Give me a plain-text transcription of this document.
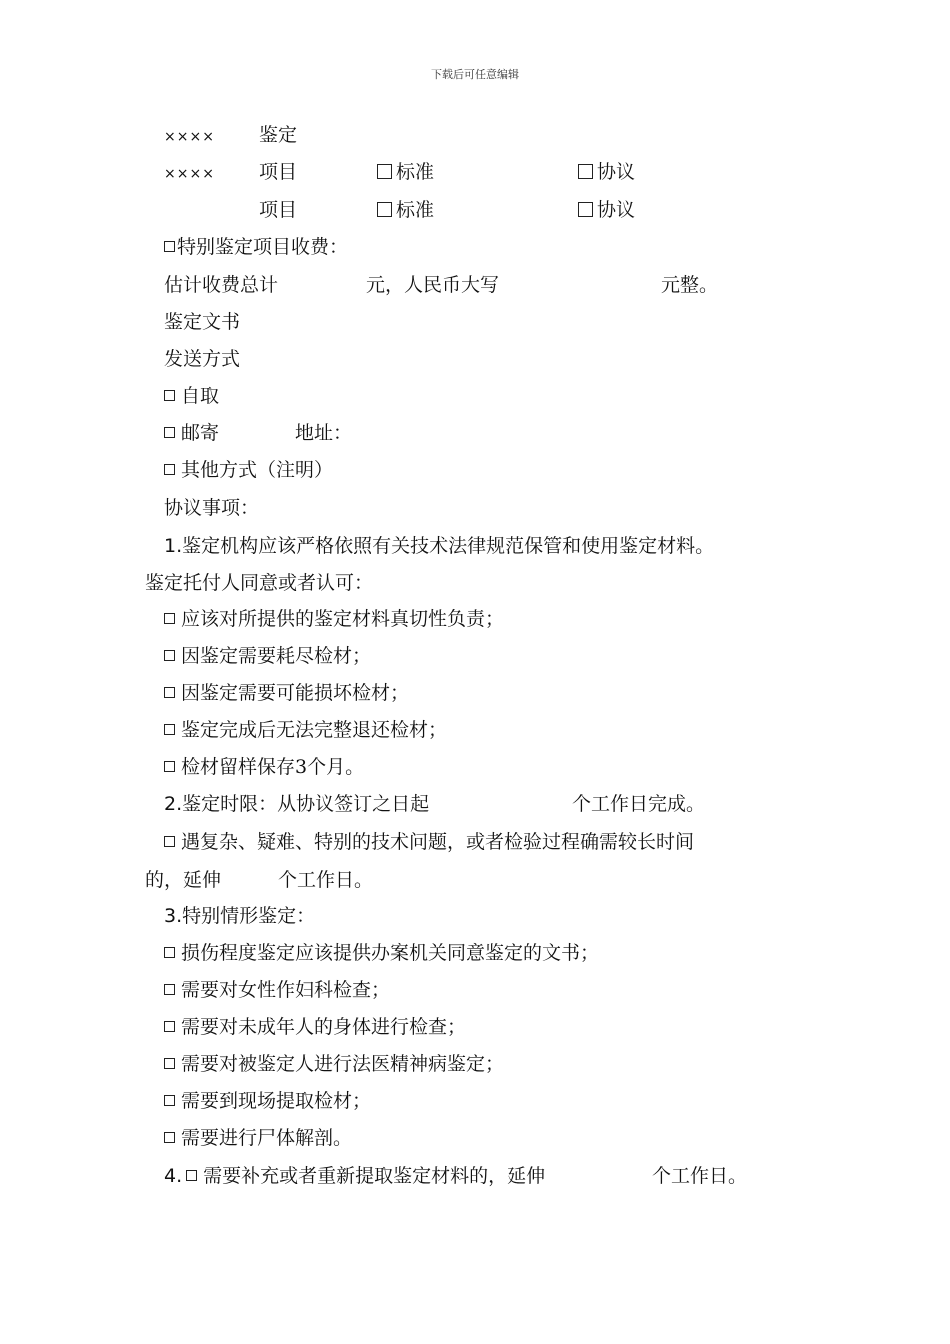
下载后可任意编辑
×××× 鉴定
×××× 项目	标准	协议
项目	标准	协议
特别鉴定项目收费：
估计收费总计	元，人民币大写	元整。
鉴定文书
发送方式
自取
邮寄	地址：
其他方式（注明）
协议事项：
1.鉴定机构应该严格依照有关技术法律规范保管和使用鉴定材料。
鉴定托付人同意或者认可：
应该对所提供的鉴定材料真切性负责；
因鉴定需要耗尽检材；
因鉴定需要可能损坏检材；
鉴定完成后无法完整退还检材；
检材留样保存3个月。
2.鉴定时限：从协议签订之日起	个工作日完成。
遇复杂、疑难、特别的技术问题，或者检验过程确需较长时间
的，延伸	个工作日。
3.特别情形鉴定：
损伤程度鉴定应该提供办案机关同意鉴定的文书；
需要对女性作妇科检查；
需要对未成年人的身体进行检查；
需要对被鉴定人进行法医精神病鉴定；
需要到现场提取检材；
需要进行尸体解剖。
4. 需要补充或者重新提取鉴定材料的，延伸	个工作日。
